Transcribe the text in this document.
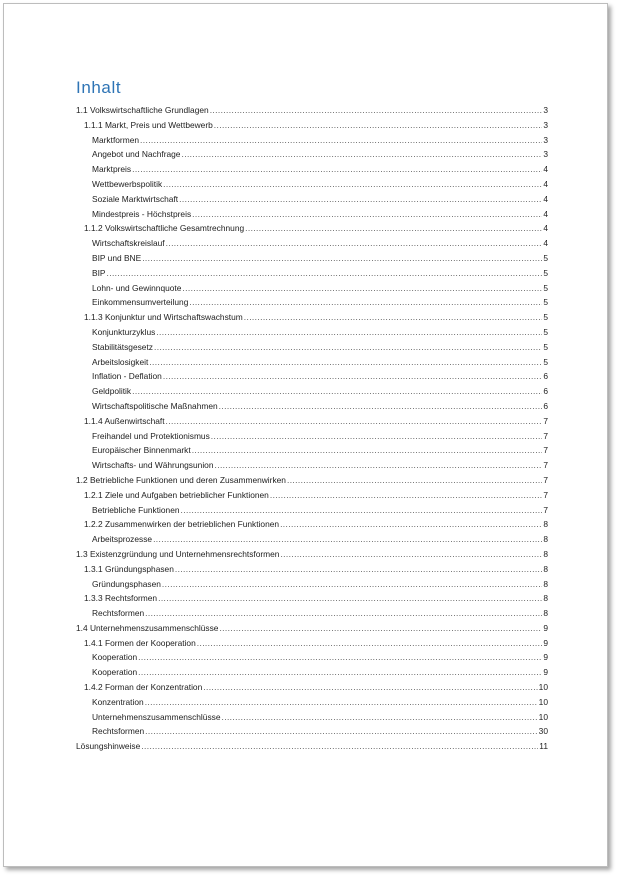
Inhalt
1.1 Volkswirtschaftliche Grundlagen .....	3
1.1.1 Markt, Preis und Wettbewerb .....	3
Marktformen .....	3
Angebot und Nachfrage .....	3
Marktpreis .....	4
Wettbewerbspolitik .....	4
Soziale Marktwirtschaft .....	4
Mindestpreis - Höchstpreis .....	4
1.1.2 Volkswirtschaftliche Gesamtrechnung .....	4
Wirtschaftskreislauf .....	4
BIP und BNE .....	5
BIP .....	5
Lohn- und Gewinnquote .....	5
Einkommensumverteilung .....	5
1.1.3 Konjunktur und Wirtschaftswachstum .....	5
Konjunkturzyklus .....	5
Stabilitätsgesetz .....	5
Arbeitslosigkeit .....	5
Inflation - Deflation .....	6
Geldpolitik .....	6
Wirtschaftspolitische Maßnahmen .....	6
1.1.4 Außenwirtschaft .....	7
Freihandel und Protektionismus .....	7
Europäischer Binnenmarkt .....	7
Wirtschafts- und Währungsunion .....	7
1.2 Betriebliche Funktionen und deren Zusammenwirken .....	7
1.2.1 Ziele und Aufgaben betrieblicher Funktionen .....	7
Betriebliche Funktionen .....	7
1.2.2 Zusammenwirken der betrieblichen Funktionen .....	8
Arbeitsprozesse .....	8
1.3 Existenzgründung und Unternehmensrechtsformen .....	8
1.3.1 Gründungsphasen .....	8
Gründungsphasen .....	8
1.3.3 Rechtsformen .....	8
Rechtsformen .....	8
1.4 Unternehmenszusammenschlüsse .....	9
1.4.1 Formen der Kooperation .....	9
Kooperation .....	9
Kooperation .....	9
1.4.2 Forman der Konzentration .....	10
Konzentration .....	10
Unternehmenszusammenschlüsse .....	10
Rechtsformen .....	30
Lösungshinweise .....	11
